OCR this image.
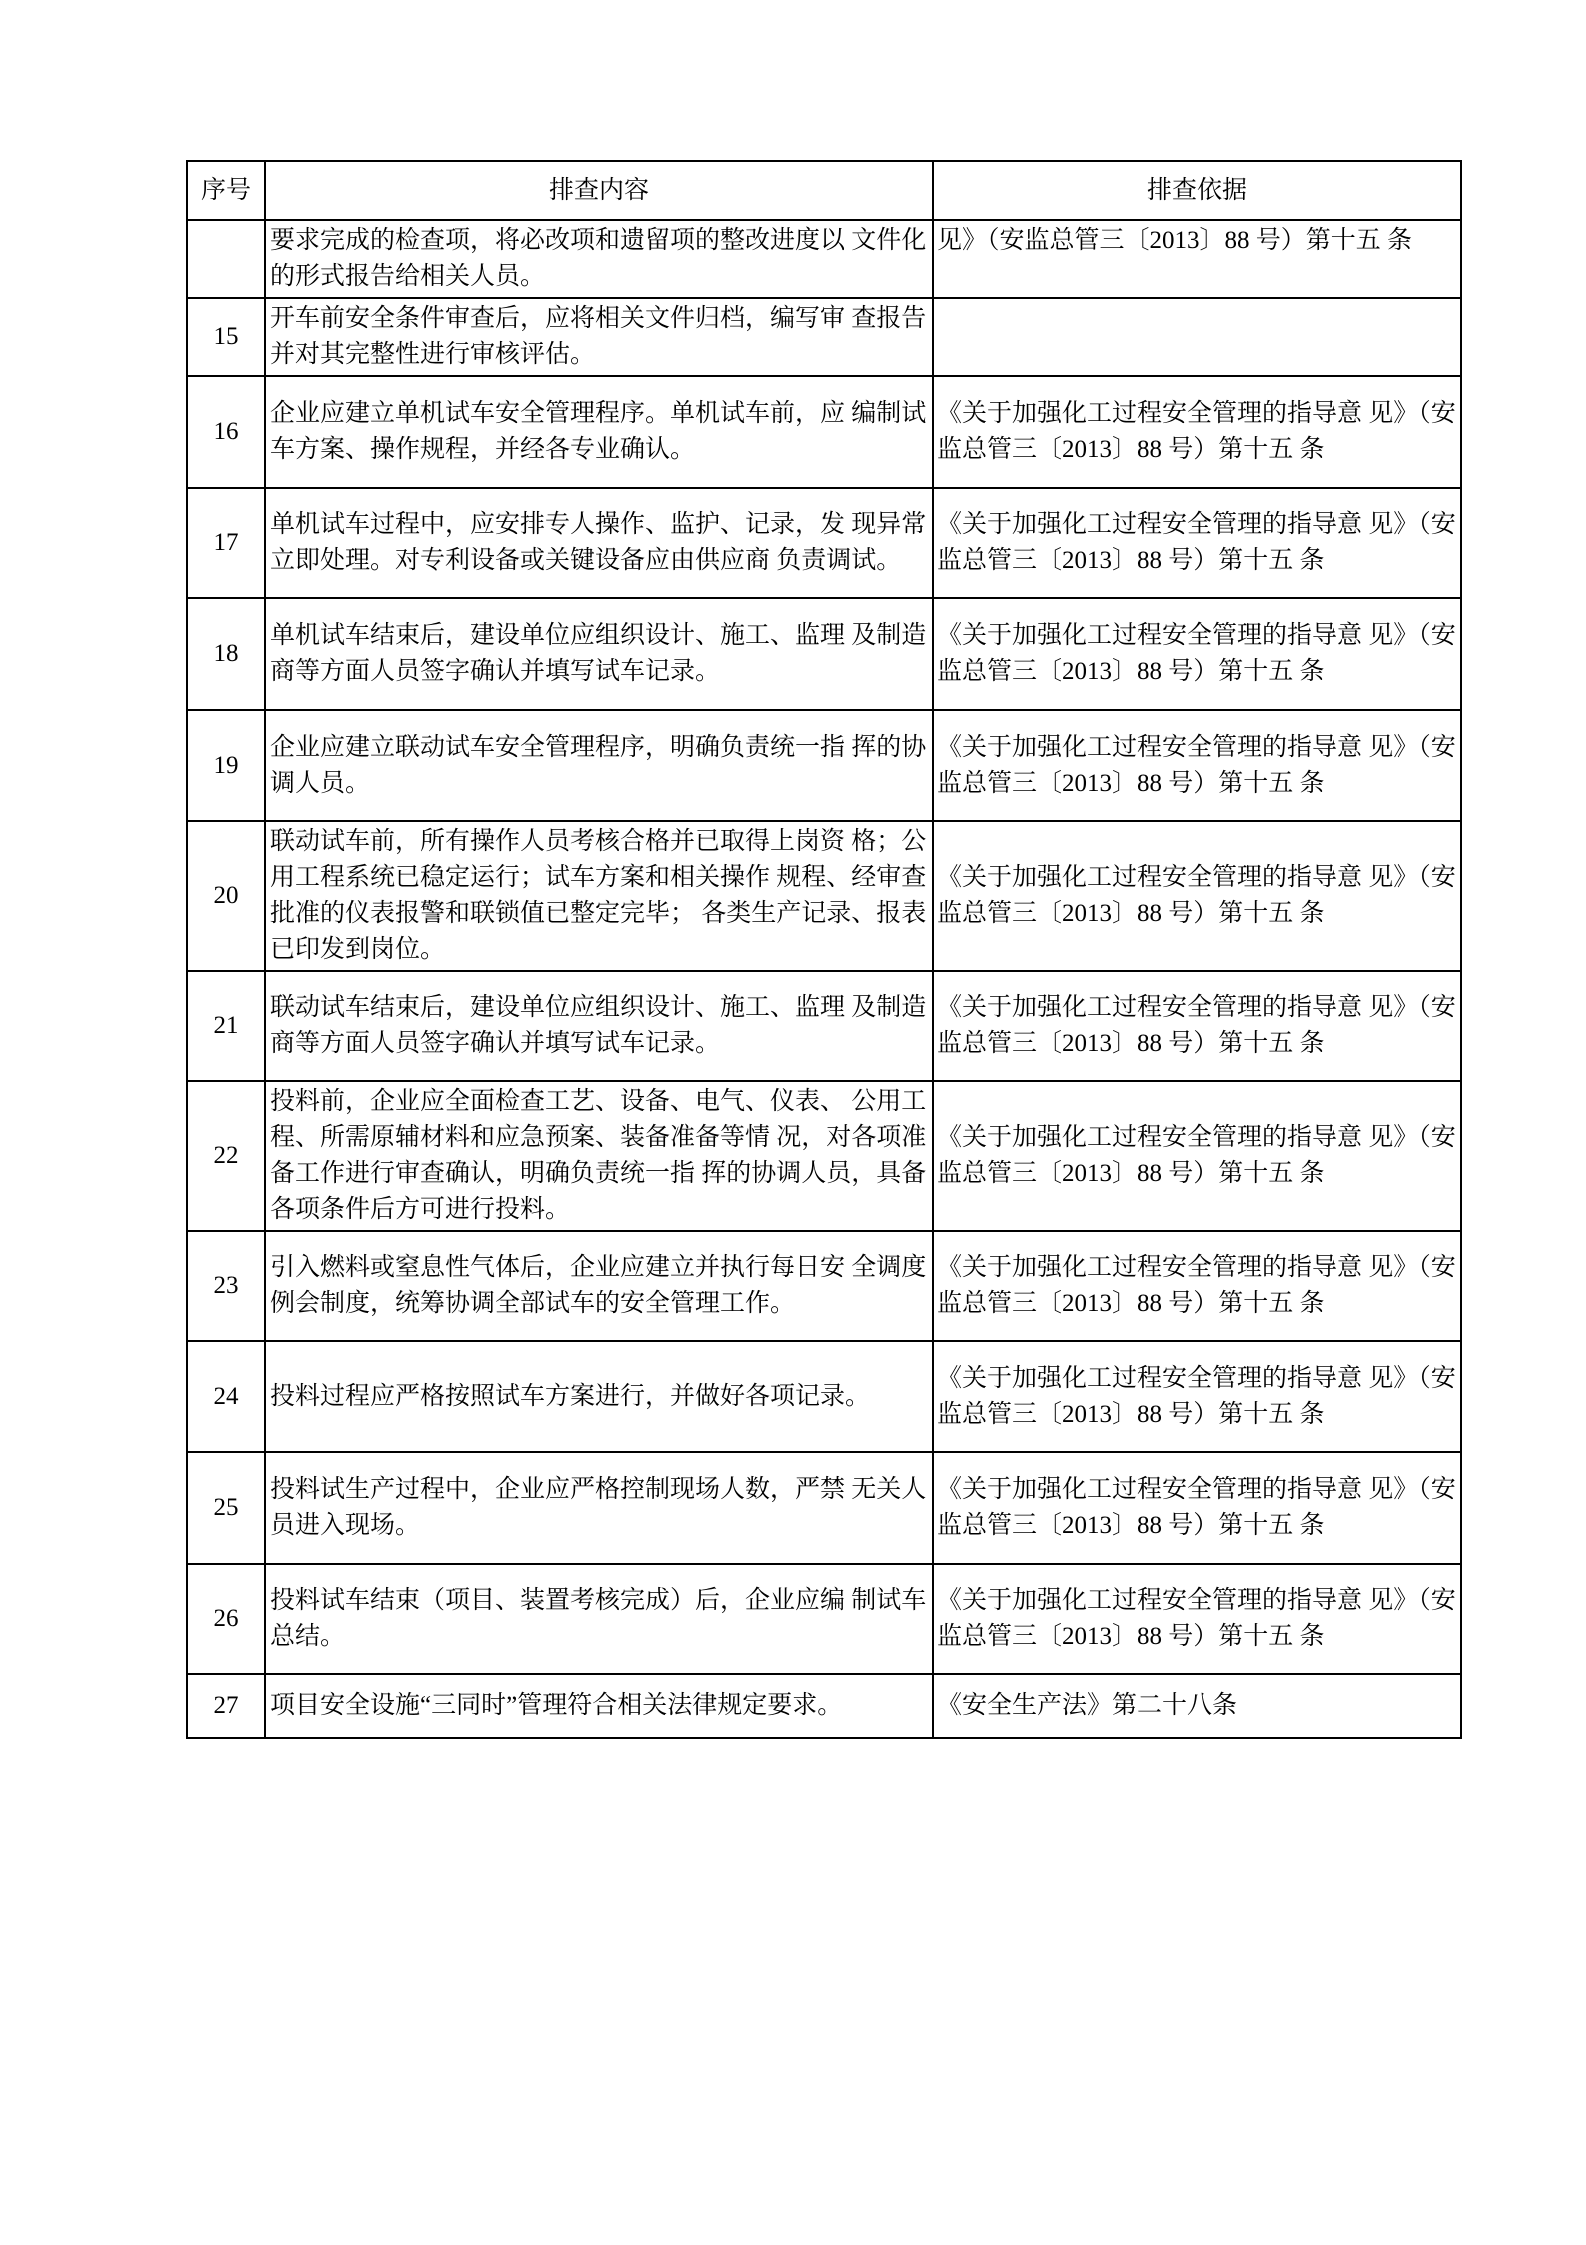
序号	排查内容	排查依据
	要求完成的检查项，将必改项和遗留项的整改进度以 文件化的形式报告给相关人员。	见》（安监总管三〔2013〕88 号）第十五 条
15	开车前安全条件审查后，应将相关文件归档，编写审 查报告并对其完整性进行审核评估。	
16	企业应建立单机试车安全管理程序。单机试车前，应 编制试车方案、操作规程，并经各专业确认。	《关于加强化工过程安全管理的指导意 见》（安监总管三〔2013〕88 号）第十五 条
17	单机试车过程中，应安排专人操作、监护、记录，发 现异常立即处理。对专利设备或关键设备应由供应商 负责调试。	《关于加强化工过程安全管理的指导意 见》（安监总管三〔2013〕88 号）第十五 条
18	单机试车结束后，建设单位应组织设计、施工、监理 及制造商等方面人员签字确认并填写试车记录。	《关于加强化工过程安全管理的指导意 见》（安监总管三〔2013〕88 号）第十五 条
19	企业应建立联动试车安全管理程序，明确负责统一指 挥的协调人员。	《关于加强化工过程安全管理的指导意 见》（安监总管三〔2013〕88 号）第十五 条
20	联动试车前，所有操作人员考核合格并已取得上岗资 格；公用工程系统已稳定运行；试车方案和相关操作 规程、经审查批准的仪表报警和联锁值已整定完毕； 各类生产记录、报表已印发到岗位。	《关于加强化工过程安全管理的指导意 见》（安监总管三〔2013〕88 号）第十五 条
21	联动试车结束后，建设单位应组织设计、施工、监理 及制造商等方面人员签字确认并填写试车记录。	《关于加强化工过程安全管理的指导意 见》（安监总管三〔2013〕88 号）第十五 条
22	投料前，企业应全面检查工艺、设备、电气、仪表、 公用工程、所需原辅材料和应急预案、装备准备等情 况，对各项准备工作进行审查确认，明确负责统一指 挥的协调人员，具备各项条件后方可进行投料。	《关于加强化工过程安全管理的指导意 见》（安监总管三〔2013〕88 号）第十五 条
23	引入燃料或窒息性气体后，企业应建立并执行每日安 全调度例会制度，统筹协调全部试车的安全管理工作。	《关于加强化工过程安全管理的指导意 见》（安监总管三〔2013〕88 号）第十五 条
24	投料过程应严格按照试车方案进行，并做好各项记录。	《关于加强化工过程安全管理的指导意 见》（安监总管三〔2013〕88 号）第十五 条
25	投料试生产过程中，企业应严格控制现场人数，严禁 无关人员进入现场。	《关于加强化工过程安全管理的指导意 见》（安监总管三〔2013〕88 号）第十五 条
26	投料试车结束（项目、装置考核完成）后，企业应编 制试车总结。	《关于加强化工过程安全管理的指导意 见》（安监总管三〔2013〕88 号）第十五 条
27	项目安全设施“三同时”管理符合相关法律规定要求。	《安全生产法》第二十八条
